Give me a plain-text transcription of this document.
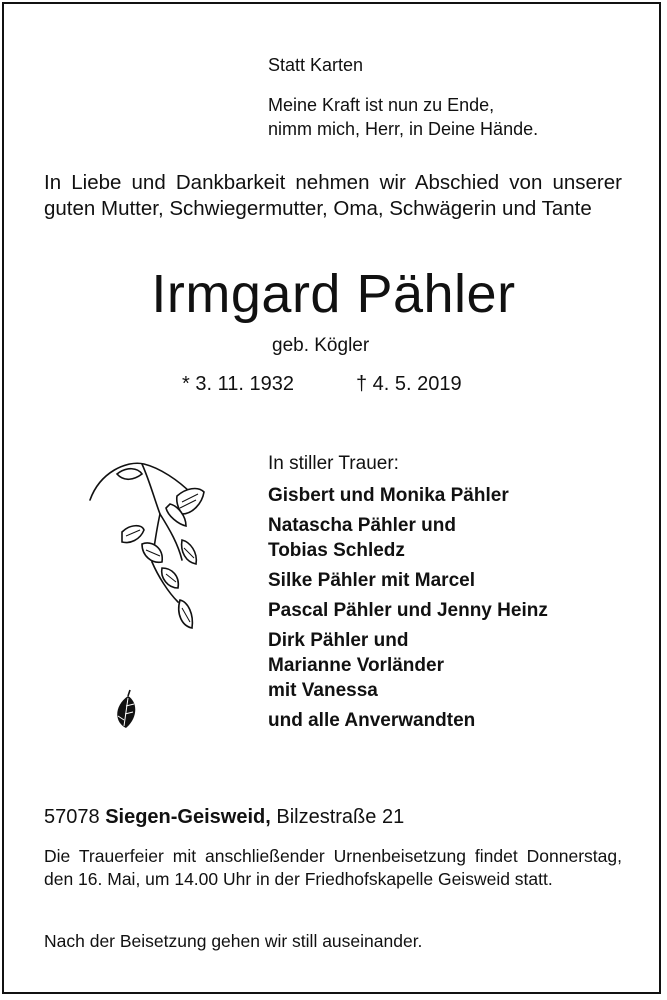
Statt Karten
Meine Kraft ist nun zu Ende,
nimm mich, Herr, in Deine Hände.
In Liebe und Dankbarkeit nehmen wir Abschied von unserer guten Mutter, Schwiegermutter, Oma, Schwägerin und Tante
Irmgard Pähler
geb. Kögler
* 3. 11. 1932	† 4. 5. 2019
In stiller Trauer:
Gisbert und Monika Pähler
Natascha Pähler und
Tobias Schledz
Silke Pähler mit Marcel
Pascal Pähler und Jenny Heinz
Dirk Pähler und
Marianne Vorländer
mit Vanessa
und alle Anverwandten
57078 Siegen-Geisweid, Bilzestraße 21
Die Trauerfeier mit anschließender Urnenbeisetzung findet Donnerstag, den 16. Mai, um 14.00 Uhr in der Friedhofskapelle Geisweid statt.
Nach der Beisetzung gehen wir still auseinander.
